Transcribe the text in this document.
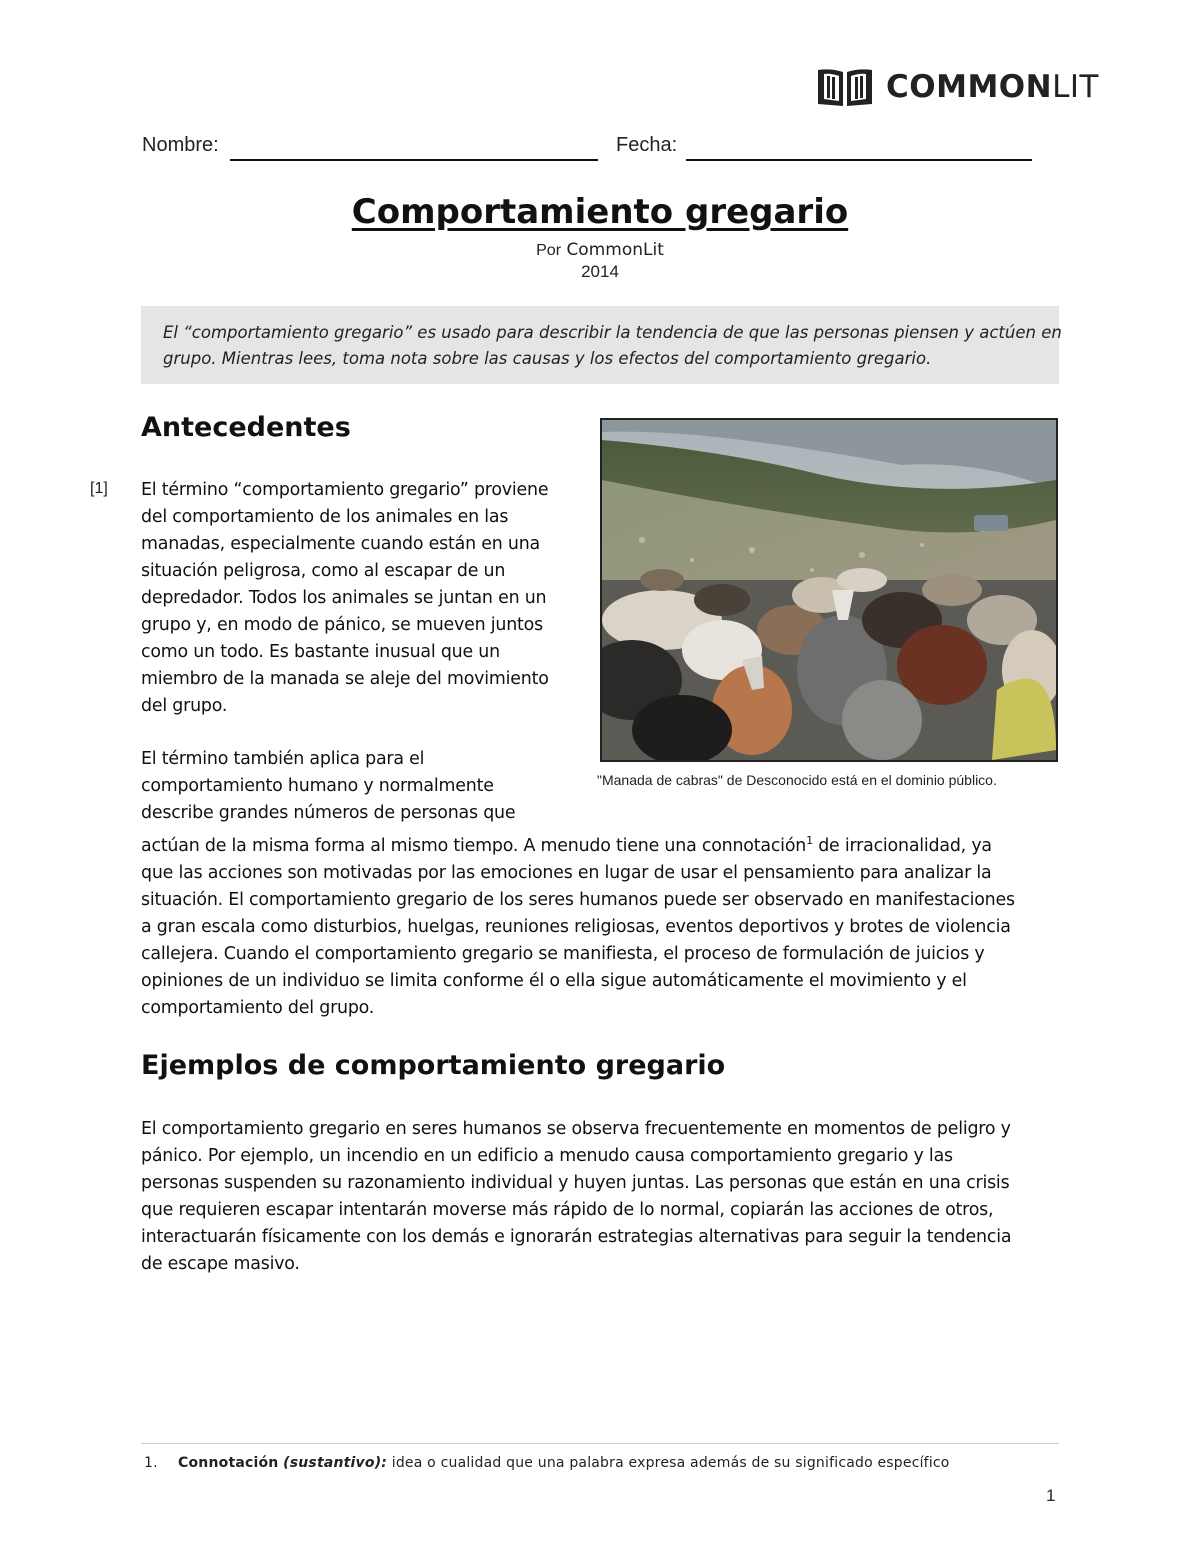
COMMONLIT
Nombre:	Fecha:
Comportamiento gregario
Por CommonLit
2014
El “comportamiento gregario” es usado para describir la tendencia de que las personas piensen y actúen en
grupo. Mientras lees, toma nota sobre las causas y los efectos del comportamiento gregario.
Antecedentes
[1] El término “comportamiento gregario” proviene
del comportamiento de los animales en las
manadas, especialmente cuando están en una
situación peligrosa, como al escapar de un
depredador. Todos los animales se juntan en un
grupo y, en modo de pánico, se mueven juntos
como un todo. Es bastante inusual que un
miembro de la manada se aleje del movimiento
del grupo.
El término también aplica para el
comportamiento humano y normalmente
describe grandes números de personas que
actúan de la misma forma al mismo tiempo. A menudo tiene una connotación$^1$ de irracionalidad, ya
que las acciones son motivadas por las emociones en lugar de usar el pensamiento para analizar la
situación. El comportamiento gregario de los seres humanos puede ser observado en manifestaciones
a gran escala como disturbios, huelgas, reuniones religiosas, eventos deportivos y brotes de violencia
callejera. Cuando el comportamiento gregario se manifiesta, el proceso de formulación de juicios y
opiniones de un individuo se limita conforme él o ella sigue automáticamente el movimiento y el
comportamiento del grupo.
"Manada de cabras" de Desconocido está en el dominio público.
Ejemplos de comportamiento gregario
El comportamiento gregario en seres humanos se observa frecuentemente en momentos de peligro y
pánico. Por ejemplo, un incendio en un edificio a menudo causa comportamiento gregario y las
personas suspenden su razonamiento individual y huyen juntas. Las personas que están en una crisis
que requieren escapar intentarán moverse más rápido de lo normal, copiarán las acciones de otros,
interactuarán físicamente con los demás e ignorarán estrategias alternativas para seguir la tendencia
de escape masivo.
1. Connotación (sustantivo): idea o cualidad que una palabra expresa además de su significado específico
1
